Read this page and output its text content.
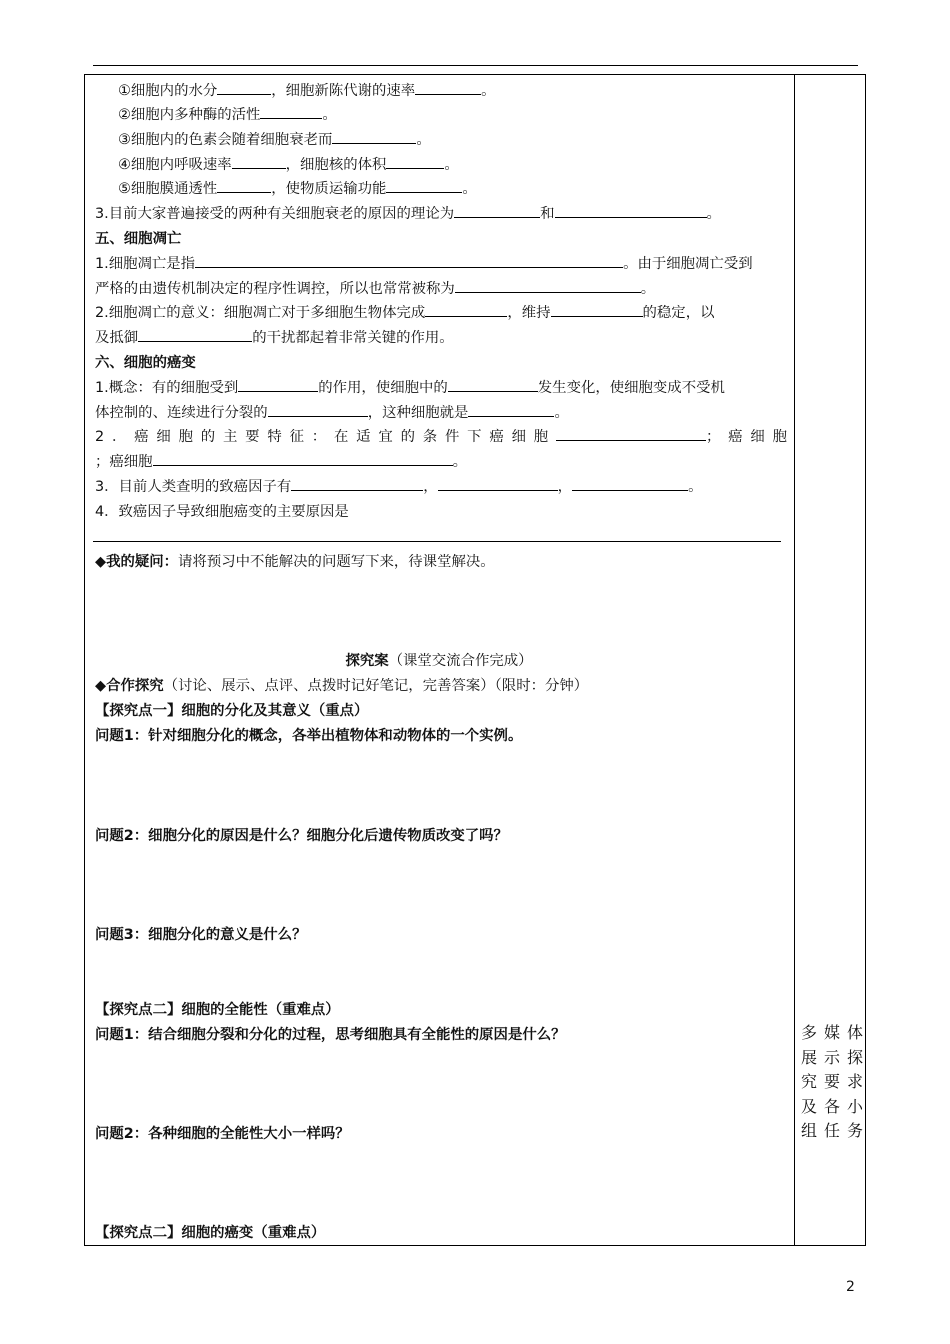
①细胞内的水分	，细胞新陈代谢的速率	。
②细胞内多种酶的活性	。
③细胞内的色素会随着细胞衰老而	。
④细胞内呼吸速率	，细胞核的体积	。
⑤细胞膜通透性	，使物质运输功能	。
3.目前大家普遍接受的两种有关细胞衰老的原因的理论为	和	。
五、细胞凋亡
1.细胞凋亡是指	。由于细胞凋亡受到
严格的由遗传机制决定的程序性调控，所以也常常被称为	。
2.细胞凋亡的意义：细胞凋亡对于多细胞生物体完成	，维持	的稳定，以
及抵御	的干扰都起着非常关键的作用。
六、细胞的癌变
1.概念：有的细胞受到	的作用，使细胞中的	发生变化，使细胞变成不受机
体控制的、连续进行分裂的	，这种细胞就是	。
2．癌细胞的主要特征：在适宜的条件下癌细胞	；癌细胞
；癌细胞	。
3．目前人类查明的致癌因子有	，	，	。
4．致癌因子导致细胞癌变的主要原因是
◆我的疑问：请将预习中不能解决的问题写下来，待课堂解决。
探究案（课堂交流合作完成）
◆合作探究（讨论、展示、点评、点拨时记好笔记，完善答案）（限时：分钟）
【探究点一】细胞的分化及其意义（重点）
问题1：针对细胞分化的概念，各举出植物体和动物体的一个实例。
问题2：细胞分化的原因是什么？细胞分化后遗传物质改变了吗？
问题3：细胞分化的意义是什么？
【探究点二】细胞的全能性（重难点）
问题1：结合细胞分裂和分化的过程，思考细胞具有全能性的原因是什么？
问题2：各种细胞的全能性大小一样吗？
【探究点二】细胞的癌变（重难点）
多媒体展示探究要求及各小组任务
2
